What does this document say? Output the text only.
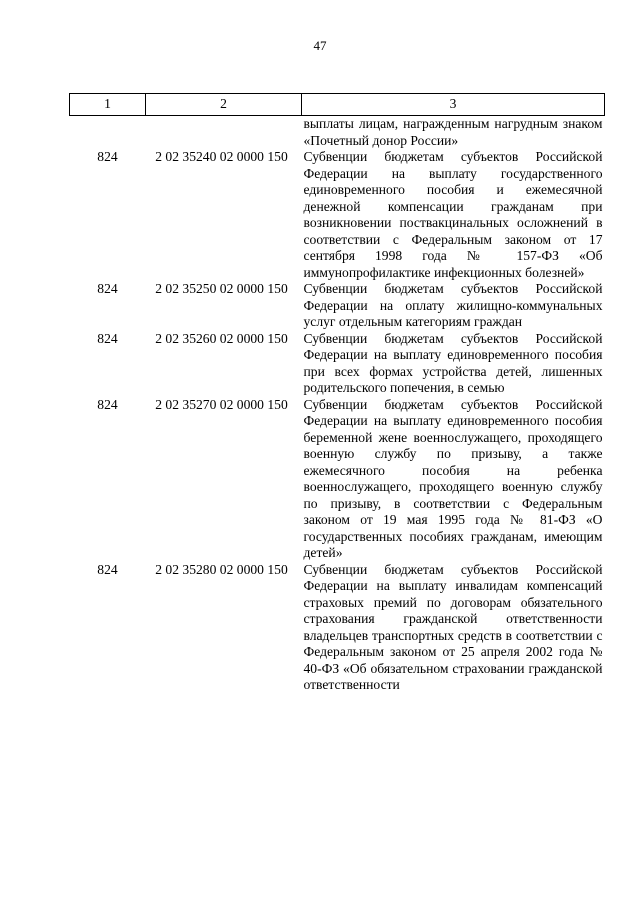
47
1	2	3
		выплаты лицам, награжденным нагрудным знаком «Почетный донор России»
824	2 02 35240 02 0000 150	Субвенции бюджетам субъектов Российской Федерации на выплату государственного единовременного пособия и ежемесячной денежной компенсации гражданам при возникновении поствакцинальных осложнений в соответствии с Федеральным законом от 17 сентября 1998 года № 157-ФЗ «Об иммунопрофилактике инфекционных болезней»
824	2 02 35250 02 0000 150	Субвенции бюджетам субъектов Российской Федерации на оплату жилищно-коммунальных услуг отдельным категориям граждан
824	2 02 35260 02 0000 150	Субвенции бюджетам субъектов Российской Федерации на выплату единовременного пособия при всех формах устройства детей, лишенных родительского попечения, в семью
824	2 02 35270 02 0000 150	Субвенции бюджетам субъектов Российской Федерации на выплату единовременного пособия беременной жене военнослужащего, проходящего военную службу по призыву, а также ежемесячного пособия на ребенка военнослужащего, проходящего военную службу по призыву, в соответствии с Федеральным законом от 19 мая 1995 года № 81-ФЗ «О государственных пособиях гражданам, имеющим детей»
824	2 02 35280 02 0000 150	Субвенции бюджетам субъектов Российской Федерации на выплату инвалидам компенсаций страховых премий по договорам обязательного страхования гражданской ответственности владельцев транспортных средств в соответствии с Федеральным законом от 25 апреля 2002 года № 40-ФЗ «Об обязательном страховании гражданской ответственности
